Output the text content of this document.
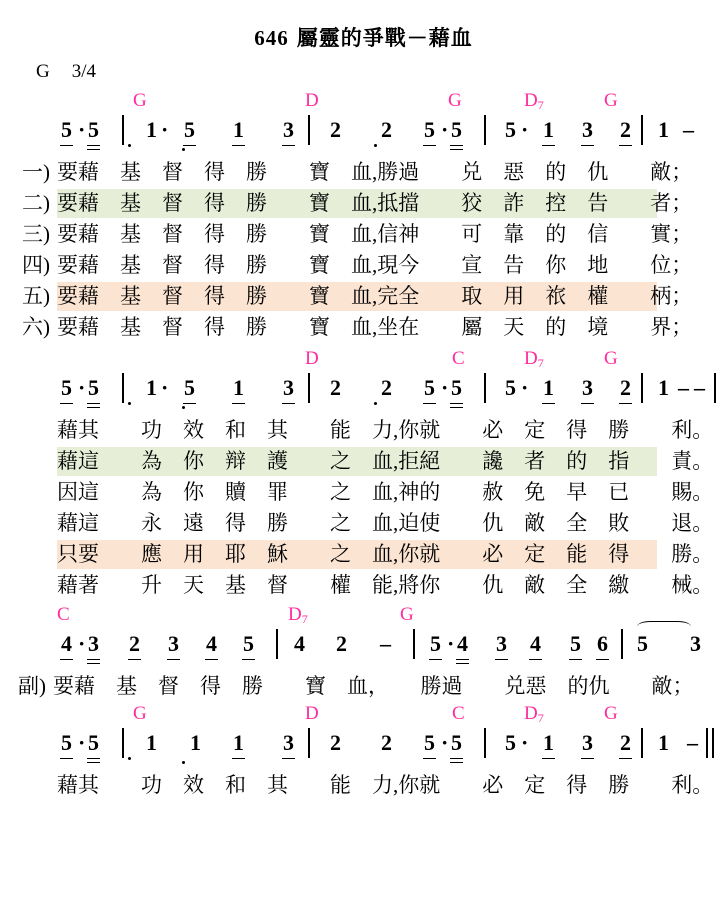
646 屬靈的爭戰－藉血
G 3/4
G	D	G	$D_7$	G
5 · 5 1 · 5 1 3 2 2 5 · 5 5 · 1 3 2 1 –
一) 要藉　基　督　得　勝　　寶　血,勝過　　兑　惡　的　仇　　敵；
二) 要藉　基　督　得　勝　　寶　血,抵擋　　狡　詐　控　告　　者；
三) 要藉　基　督　得　勝　　寶　血,信神　　可　靠　的　信　　實；
四) 要藉　基　督　得　勝　　寶　血,現今　　宣　告　你　地　　位；
五) 要藉　基　督　得　勝　　寶　血,完全　　取　用　祣　權　　柄；
六) 要藉　基　督　得　勝　　寶　血,坐在　　屬　天　的　境　　界；
D	C	$D_7$	G
5 · 5 1 · 5 1 3 2 2 5 · 5 5 · 1 3 2 1 – –
藉其　　功　效　和　其　　能　力,你就　　必　定　得　勝　　利。
藉這　　為　你　辩　護　　之　血,拒絕　　讒　者　的　指　　責。
因這　　為　你　贖　罪　　之　血,神的　　赦　免　早　已　　賜。
藉這　　永　遠　得　勝　　之　血,迫使　　仇　敵　全　敗　　退。
只要　　應　用　耶　穌　　之　血,你就　　必　定　能　得　　勝。
藉著　　升　天　基　督　　權　能,將你　　仇　敵　全　繳　　械。
C	$D_7$	G
4 · 3 2 3 4 5 4 2 – 5 · 4 3 4 5 6 5 3
副) 要藉　基　督　得　勝　　寶　血，　　勝過　　兑惡　的仇　　敵；
G	D	C	$D_7$	G
5 · 5 1 1 1 3 2 2 5 · 5 5 · 1 3 2 1 –
藉其　　功　效　和　其　　能　力,你就　　必　定　得　勝　　利。
